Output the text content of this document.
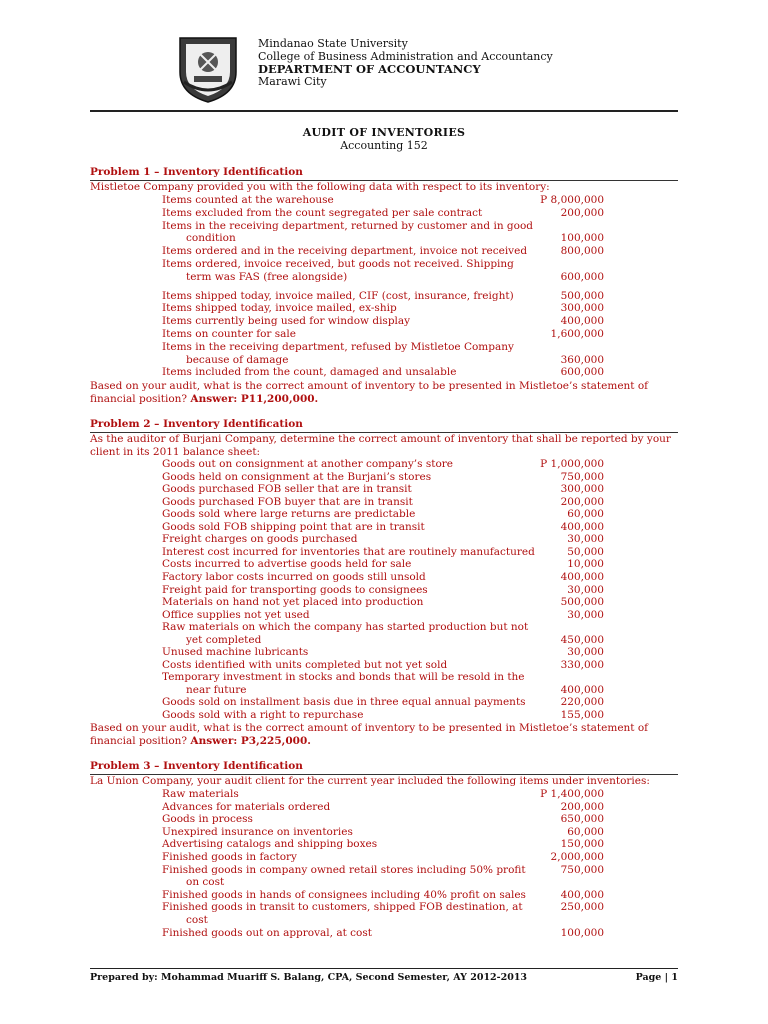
Mindanao State University
College of Business Administration and Accountancy
DEPARTMENT OF ACCOUNTANCY
Marawi City
AUDIT OF INVENTORIES
Accounting 152
Problem 1 – Inventory Identification
Mistletoe Company provided you with the following data with respect to its inventory:
Items counted at the warehouse	P 8,000,000
Items excluded from the count segregated per sale contract	200,000
Items in the receiving department, returned by customer and in good
condition	100,000
Items ordered and in the receiving department, invoice not received	800,000
Items ordered, invoice received, but goods not received. Shipping
term was FAS (free alongside)	600,000
Items shipped today, invoice mailed, CIF (cost, insurance, freight)	500,000
Items shipped today, invoice mailed, ex-ship	300,000
Items currently being used for window display	400,000
Items on counter for sale	1,600,000
Items in the receiving department, refused by Mistletoe Company
because of damage	360,000
Items included from the count, damaged and unsalable	600,000
Based on your audit, what is the correct amount of inventory to be presented in Mistletoe’s statement of financial position? Answer: P11,200,000.
Problem 2 – Inventory Identification
As the auditor of Burjani Company, determine the correct amount of inventory that shall be reported by your client in its 2011 balance sheet:
Goods out on consignment at another company’s store	P 1,000,000
Goods held on consignment at the Burjani’s stores	750,000
Goods purchased FOB seller that are in transit	300,000
Goods purchased FOB buyer that are in transit	200,000
Goods sold where large returns are predictable	60,000
Goods sold FOB shipping point that are in transit	400,000
Freight charges on goods purchased	30,000
Interest cost incurred for inventories that are routinely manufactured	50,000
Costs incurred to advertise goods held for sale	10,000
Factory labor costs incurred on goods still unsold	400,000
Freight paid for transporting goods to consignees	30,000
Materials on hand not yet placed into production	500,000
Office supplies not yet used	30,000
Raw materials on which the company has started production but not
yet completed	450,000
Unused machine lubricants	30,000
Costs identified with units completed but not yet sold	330,000
Temporary investment in stocks and bonds that will be resold in the
near future	400,000
Goods sold on installment basis due in three equal annual payments	220,000
Goods sold with a right to repurchase	155,000
Based on your audit, what is the correct amount of inventory to be presented in Mistletoe’s statement of financial position? Answer: P3,225,000.
Problem 3 – Inventory Identification
La Union Company, your audit client for the current year included the following items under inventories:
Raw materials	P 1,400,000
Advances for materials ordered	200,000
Goods in process	650,000
Unexpired insurance on inventories	60,000
Advertising catalogs and shipping boxes	150,000
Finished goods in factory	2,000,000
Finished goods in company owned retail stores including 50% profit	750,000
on cost
Finished goods in hands of consignees including 40% profit on sales	400,000
Finished goods in transit to customers, shipped FOB destination, at	250,000
cost
Finished goods out on approval, at cost	100,000
Prepared by: Mohammad Muariff S. Balang, CPA, Second Semester, AY 2012-2013	Page | 1
